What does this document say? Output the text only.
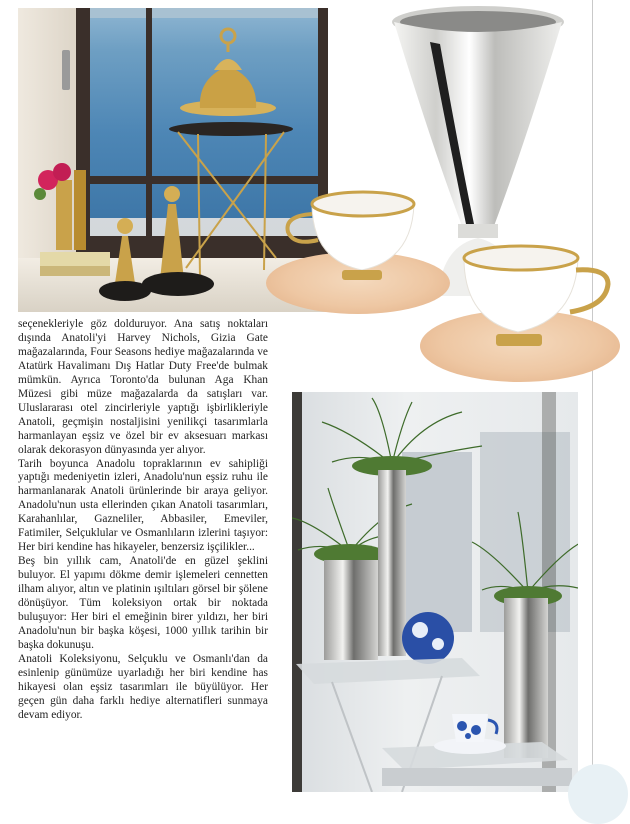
seçenekleriyle göz dolduruyor. Ana satış noktaları dışında Anatoli'yi Harvey Nichols, Gizia Gate mağazalarında, Four Seasons hediye mağazalarında ve Atatürk Havalimanı Dış Hatlar Duty Free'de bulmak mümkün. Ayrıca Toronto'da bulunan Aga Khan Müzesi gibi müze mağazalarda da satışları var. Uluslararası otel zincirleriyle yaptığı işbirlikleriyle Anatoli, geçmişin nostaljisini yenilikçi tasarımlarla harmanlayan eşsiz ve özel bir ev aksesuarı markası olarak dekorasyon dünyasında yer alıyor.

Tarih boyunca Anadolu topraklarının ev sahipliği yaptığı medeniyetin izleri, Anadolu'nun eşsiz ruhu ile harmanlanarak Anatoli ürünlerinde bir araya geliyor. Anadolu'nun usta ellerinden çıkan Anatoli tasarımları, Karahanlılar, Gazneliler, Abbasiler, Emeviler, Fatimiler, Selçuklular ve Osmanlıların izlerini taşıyor: Her biri kendine has hikayeler, benzersiz işçilikler...

Beş bin yıllık cam, Anatoli'de en güzel şeklini buluyor. El yapımı dökme demir işlemeleri cennetten ilham alıyor, altın ve platinin ışıltıları görsel bir şölene dönüşüyor. Tüm koleksiyon ortak bir noktada buluşuyor: Her biri el emeğinin birer yıldızı, her biri Anadolu'nun bir başka köşesi, 1000 yıllık tarihin bir başka dokunuşu.

Anatoli Koleksiyonu, Selçuklu ve Osmanlı'dan da esinlenip günümüze uyarladığı her biri kendine has hikayesi olan eşsiz tasarımları ile büyülüyor. Her geçen gün daha farklı hediye alternatifleri sunmaya devam ediyor.
